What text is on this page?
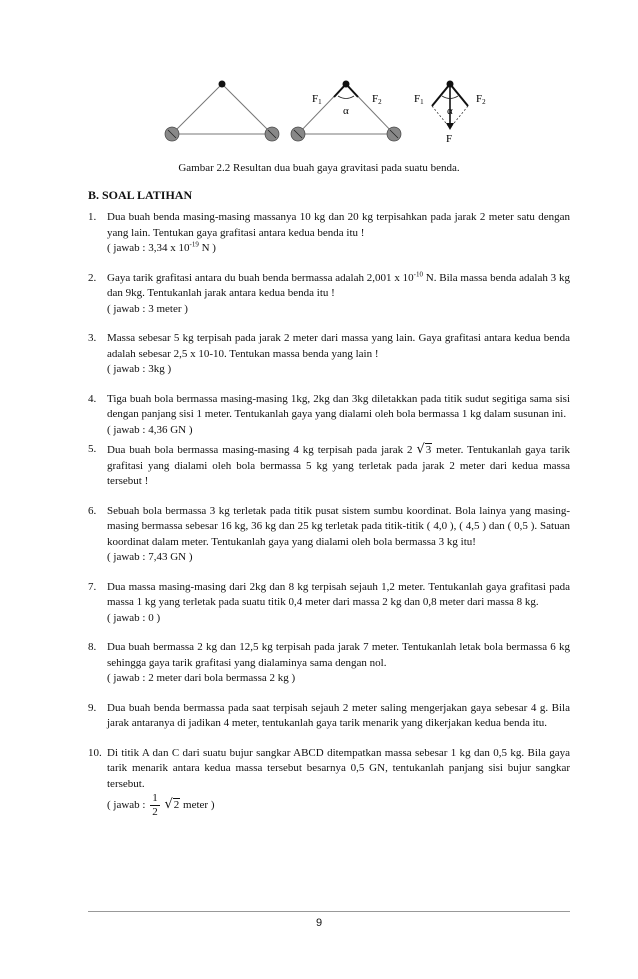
F1	F2
α
F1	F2
α
F
Gambar 2.2 Resultan dua buah gaya gravitasi pada suatu benda.
B. SOAL LATIHAN
1. Dua buah benda masing-masing massanya 10 kg dan 20 kg terpisahkan pada jarak 2 meter satu dengan yang lain. Tentukan gaya grafitasi antara kedua benda itu !

( jawab : 3,34 x $10^{-19}$ N )

2. Gaya tarik grafitasi antara du buah benda bermassa adalah 2,001 x $10^{-10}$ N. Bila massa benda adalah 3 kg dan 9kg. Tentukanlah jarak antara kedua benda itu !

( jawab : 3 meter )

3. Massa sebesar 5 kg terpisah pada jarak 2 meter dari massa yang lain. Gaya grafitasi antara kedua benda adalah sebesar 2,5 x 10-10. Tentukan massa benda yang lain !

( jawab : 3kg )

4. Tiga buah bola bermassa masing-masing 1kg, 2kg dan 3kg diletakkan pada titik sudut segitiga sama sisi dengan panjang sisi 1 meter. Tentukanlah gaya yang dialami oleh bola bermassa 1 kg dalam susunan ini.

( jawab : 4,36 GN )

5. Dua buah bola bermassa masing-masing 4 kg terpisah pada jarak 2 √3 meter. Tentukanlah gaya tarik grafitasi yang dialami oleh bola bermassa 5 kg yang terletak pada jarak 2 meter dari kedua massa tersebut !

6. Sebuah bola bermassa 3 kg terletak pada titik pusat sistem sumbu koordinat. Bola lainya yang masing-masing bermassa sebesar 16 kg, 36 kg dan 25 kg terletak pada titik-titik ( 4,0 ), ( 4,5 ) dan ( 0,5 ). Satuan koordinat dalam meter. Tentukanlah gaya yang dialami oleh bola bermassa 3 kg itu!

( jawab : 7,43 GN )

7. Dua massa masing-masing dari 2kg dan 8 kg terpisah sejauh 1,2 meter. Tentukanlah gaya grafitasi pada massa 1 kg yang terletak pada suatu titik 0,4 meter dari massa 2 kg dan 0,8 meter dari massa 8 kg.

( jawab : 0 )

8. Dua buah bermassa 2 kg dan 12,5 kg terpisah pada jarak 7 meter. Tentukanlah letak bola bermassa 6 kg sehingga gaya tarik grafitasi yang dialaminya sama dengan nol.

( jawab : 2 meter dari bola bermassa 2 kg )

9. Dua buah benda bermassa pada saat terpisah sejauh 2 meter saling mengerjakan gaya sebesar 4 g. Bila jarak antaranya di jadikan 4 meter, tentukanlah gaya tarik menarik yang dikerjakan kedua benda itu.

10. Di titik A dan C dari suatu bujur sangkar ABCD ditempatkan massa sebesar 1 kg dan 0,5 kg. Bila gaya tarik menarik antara kedua massa tersebut besarnya 0,5 GN, tentukanlah panjang sisi bujur sangkar tersebut.

( jawab : $\frac{1}{2} √2$ meter )

9
